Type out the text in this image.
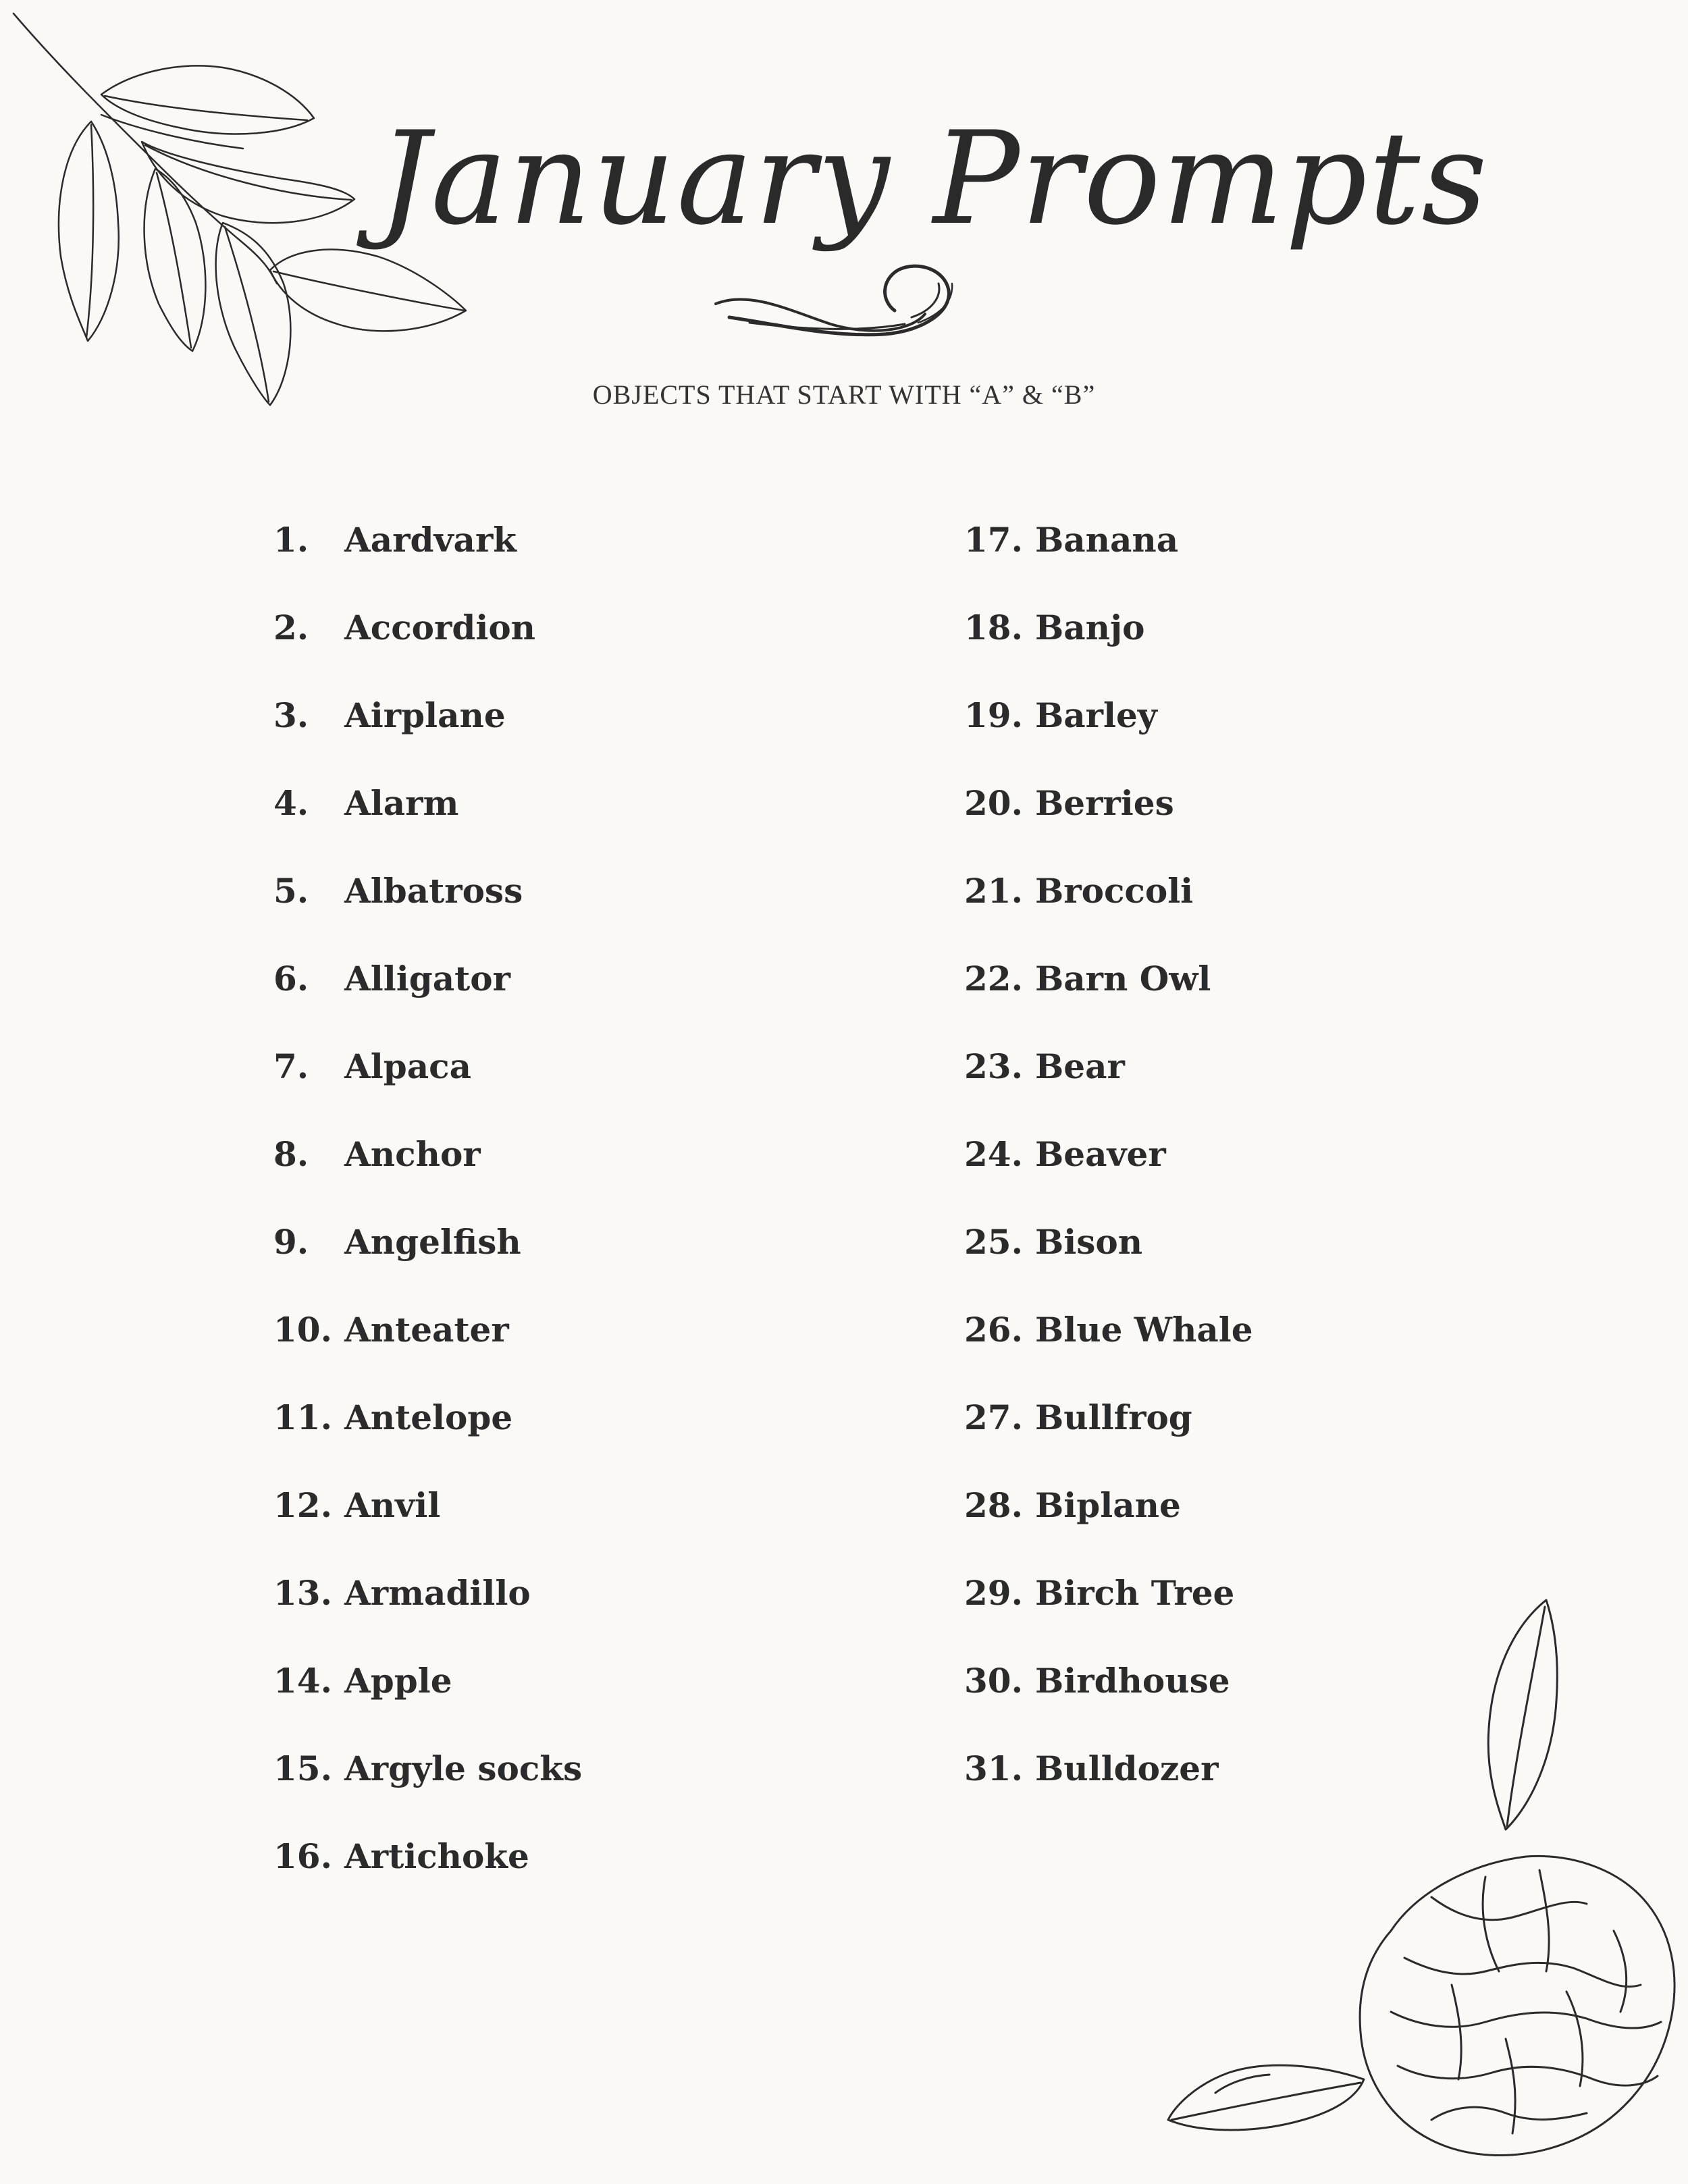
January Prompts
OBJECTS THAT START WITH “A” & “B”
1. Aardvark
2. Accordion
3. Airplane
4. Alarm
5. Albatross
6. Alligator
7. Alpaca
8. Anchor
9. Angelfish
10. Anteater
11. Antelope
12. Anvil
13. Armadillo
14. Apple
15. Argyle socks
16. Artichoke
17. Banana
18. Banjo
19. Barley
20. Berries
21. Broccoli
22. Barn Owl
23. Bear
24. Beaver
25. Bison
26. Blue Whale
27. Bullfrog
28. Biplane
29. Birch Tree
30. Birdhouse
31. Bulldozer
